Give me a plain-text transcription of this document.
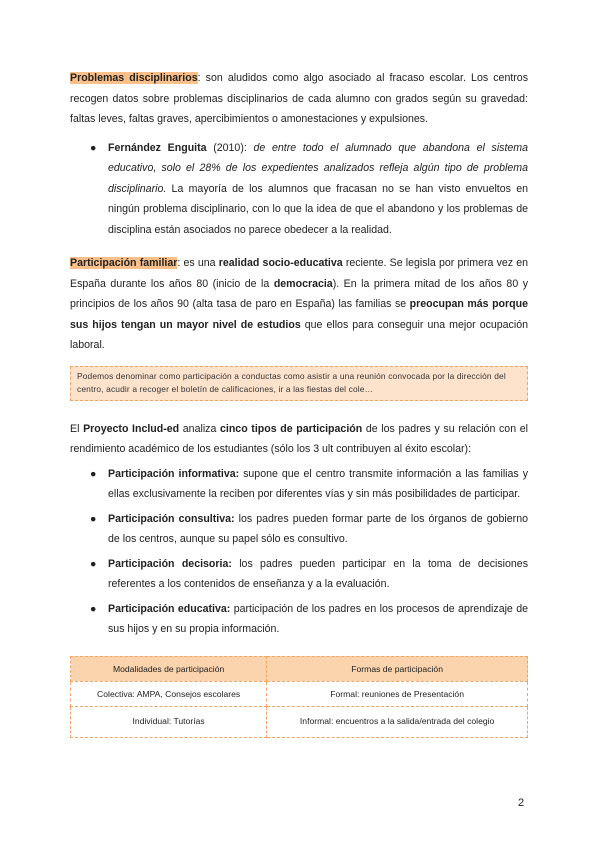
Problemas disciplinarios: son aludidos como algo asociado al fracaso escolar. Los centros recogen datos sobre problemas disciplinarios de cada alumno con grados según su gravedad: faltas leves, faltas graves, apercibimientos o amonestaciones y expulsiones.

● Fernández Enguita (2010): de entre todo el alumnado que abandona el sistema educativo, solo el 28% de los expedientes analizados refleja algún tipo de problema disciplinario. La mayoría de los alumnos que fracasan no se han visto envueltos en ningún problema disciplinario, con lo que la idea de que el abandono y los problemas de disciplina están asociados no parece obedecer a la realidad.

Participación familiar: es una realidad socio-educativa reciente. Se legisla por primera vez en España durante los años 80 (inicio de la democracia). En la primera mitad de los años 80 y principios de los años 90 (alta tasa de paro en España) las familias se preocupan más porque sus hijos tengan un mayor nivel de estudios que ellos para conseguir una mejor ocupación laboral.

Podemos denominar como participación a conductas como asistir a una reunión convocada por la dirección del centro, acudir a recoger el boletín de calificaciones, ir a las fiestas del cole…

El Proyecto Includ-ed analiza cinco tipos de participación de los padres y su relación con el rendimiento académico de los estudiantes (sólo los 3 ult contribuyen al éxito escolar):

● Participación informativa: supone que el centro transmite información a las familias y ellas exclusivamente la reciben por diferentes vías y sin más posibilidades de participar.
● Participación consultiva: los padres pueden formar parte de los órganos de gobierno de los centros, aunque su papel sólo es consultivo.
● Participación decisoria: los padres pueden participar en la toma de decisiones referentes a los contenidos de enseñanza y a la evaluación.
● Participación educativa: participación de los padres en los procesos de aprendizaje de sus hijos y en su propia información.
Modalidades de participación	Formas de participación
Colectiva: AMPA, Consejos escolares	Formal: reuniones de Presentación
Individual: Tutorías	Informal: encuentros a la salida/entrada del colegio
2
